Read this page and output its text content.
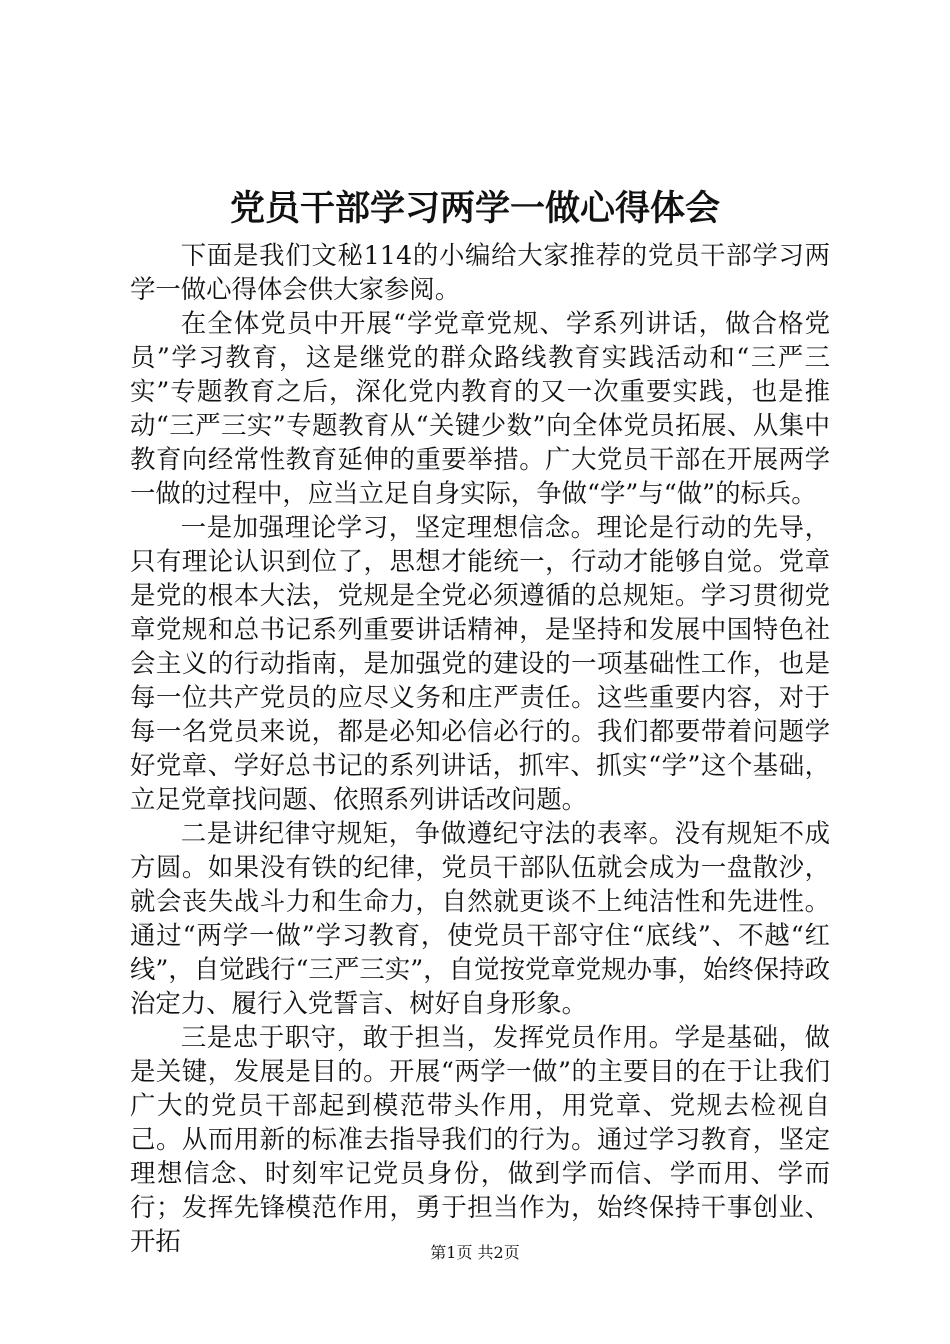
党员干部学习两学一做心得体会

下面是我们文秘114的小编给大家推荐的党员干部学习两学一做心得体会供大家参阅。

在全体党员中开展“学党章党规、学系列讲话，做合格党员”学习教育，这是继党的群众路线教育实践活动和“三严三实”专题教育之后，深化党内教育的又一次重要实践，也是推动“三严三实”专题教育从“关键少数”向全体党员拓展、从集中教育向经常性教育延伸的重要举措。广大党员干部在开展两学一做的过程中，应当立足自身实际，争做“学”与“做”的标兵。

一是加强理论学习，坚定理想信念。理论是行动的先导，只有理论认识到位了，思想才能统一，行动才能够自觉。党章是党的根本大法，党规是全党必须遵循的总规矩。学习贯彻党章党规和总书记系列重要讲话精神，是坚持和发展中国特色社会主义的行动指南，是加强党的建设的一项基础性工作，也是每一位共产党员的应尽义务和庄严责任。这些重要内容，对于每一名党员来说，都是必知必信必行的。我们都要带着问题学好党章、学好总书记的系列讲话，抓牢、抓实“学”这个基础，立足党章找问题、依照系列讲话改问题。

二是讲纪律守规矩，争做遵纪守法的表率。没有规矩不成方圆。如果没有铁的纪律，党员干部队伍就会成为一盘散沙，就会丧失战斗力和生命力，自然就更谈不上纯洁性和先进性。通过“两学一做”学习教育，使党员干部守住“底线”、不越“红线”，自觉践行“三严三实”，自觉按党章党规办事，始终保持政治定力、履行入党誓言、树好自身形象。

三是忠于职守，敢于担当，发挥党员作用。学是基础，做是关键，发展是目的。开展“两学一做”的主要目的在于让我们广大的党员干部起到模范带头作用，用党章、党规去检视自己。从而用新的标准去指导我们的行为。通过学习教育，坚定理想信念、时刻牢记党员身份，做到学而信、学而用、学而行；发挥先锋模范作用，勇于担当作为，始终保持干事创业、开拓	第1页 共2页
